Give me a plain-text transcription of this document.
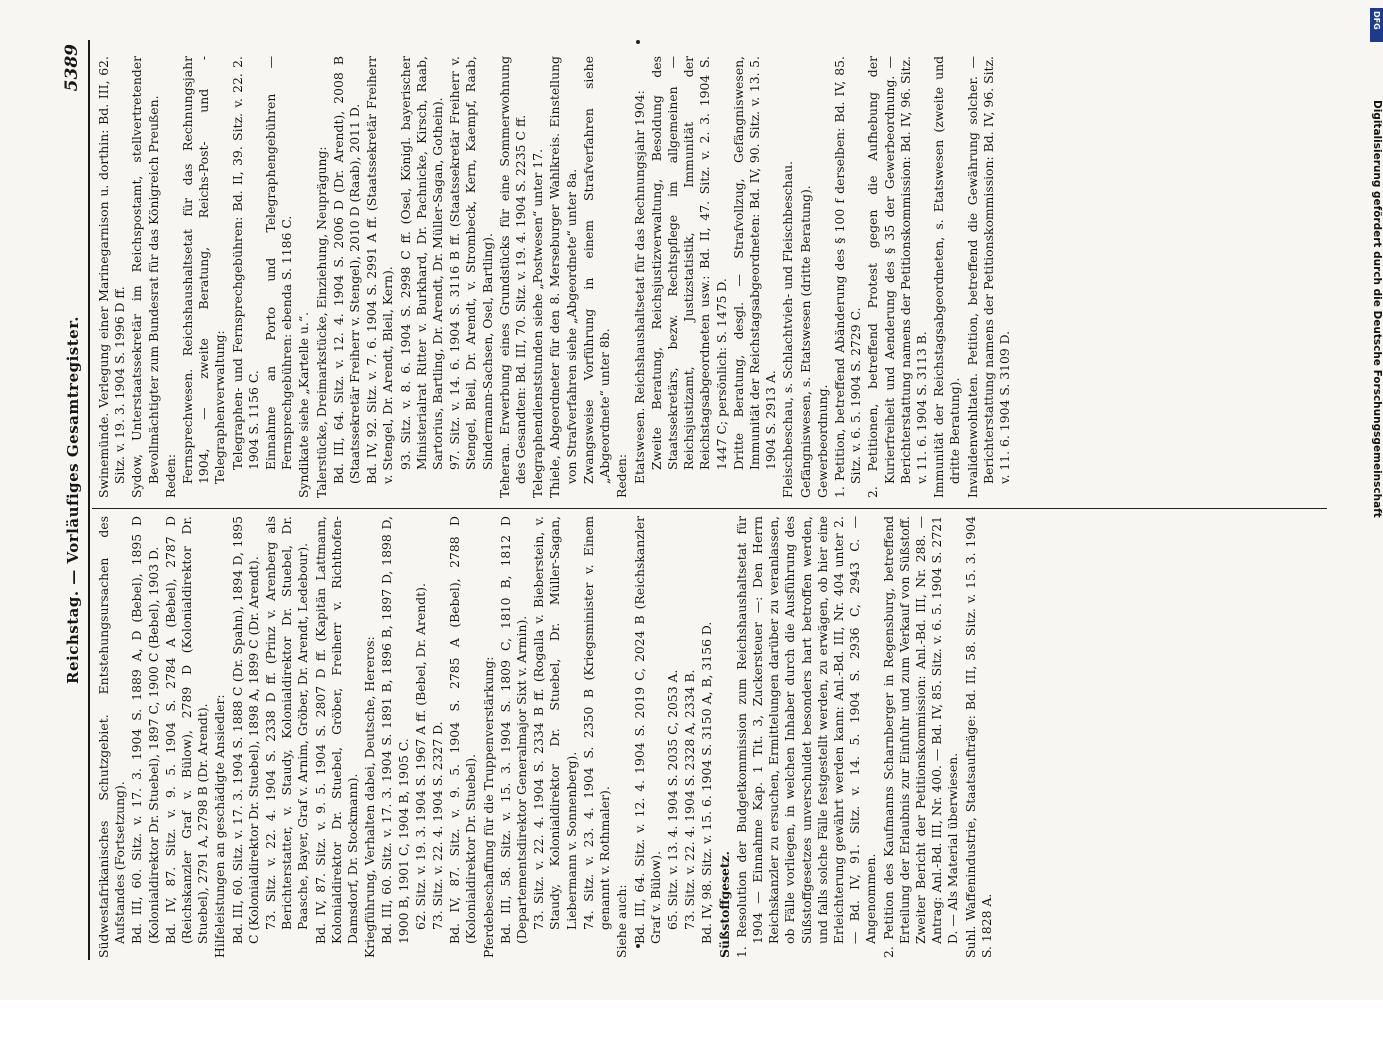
Reichstag. — Vorläufiges Gesamtregister.
5389

Südwestafrikanisches Schutzgebiet. Entstehungsursachen des Aufstandes (Fortsetzung). Bd. III, 60. Sitz. v. 17. 3. 1904 S. 1889 A, D (Bebel), 1895 D (Kolonialdirektor Dr. Stuebel), 1897 C, 1900 C (Bebel), 1903 D. Bd. IV, 87. Sitz. v. 9. 5. 1904 S. 2784 A (Bebel), 2787 D (Reichskanzler Graf v. Bülow), 2789 D (Kolonialdirektor Dr. Stuebel), 2791 A, 2798 B (Dr. Arendt). Hilfeleistungen an geschädigte Ansiedler: Bd. III, 60. Sitz. v. 17. 3. 1904 S. 1888 C (Dr. Spahn), 1894 D, 1895 C (Kolonialdirektor Dr. Stuebel), 1898 A, 1899 C (Dr. Arendt). 73. Sitz. v. 22. 4. 1904 S. 2338 D ff. (Prinz v. Arenberg als Berichterstatter, v. Staudy, Kolonialdirektor Dr. Stuebel, Dr. Paasche, Bayer, Graf v. Arnim, Gröber, Dr. Arendt, Ledebour). Bd. IV, 87. Sitz. v. 9. 5. 1904 S. 2807 D ff. (Kapitän Lattmann, Kolonialdirektor Dr. Stuebel, Gröber, Freiherr v. Richthofen-Damsdorf, Dr. Stockmann). Kriegführung, Verhalten dabei, Deutsche, Hereros: Bd. III, 60. Sitz. v. 17. 3. 1904 S. 1891 B, 1896 B, 1897 D, 1898 D, 1900 B, 1901 C, 1904 B, 1905 C. 62. Sitz. v. 19. 3. 1904 S. 1967 A ff. (Bebel, Dr. Arendt). 73. Sitz. v. 22. 4. 1904 S. 2327 D. Bd. IV, 87. Sitz. v. 9. 5. 1904 S. 2785 A (Bebel), 2788 D (Kolonialdirektor Dr. Stuebel). Pferdebeschaffung für die Truppenverstärkung: Bd. III, 58. Sitz. v. 15. 3. 1904 S. 1809 C, 1810 B, 1812 D (Departementsdirektor Generalmajor Sixt v. Armin). 73. Sitz. v. 22. 4. 1904 S. 2334 B ff. (Rogalla v. Bieberstein, v. Staudy, Kolonialdirektor Dr. Stuebel, Dr. Müller-Sagan, Liebermann v. Sonnenberg). 74. Sitz. v. 23. 4. 1904 S. 2350 B (Kriegsminister v. Einem genannt v. Rothmaler). Siehe auch: Bd. III, 64. Sitz. v. 12. 4. 1904 S. 2019 C, 2024 B (Reichskanzler Graf v. Bülow). 65. Sitz. v. 13. 4. 1904 S. 2035 C, 2053 A. 73. Sitz. v. 22. 4. 1904 S. 2328 A, 2334 B. Bd. IV, 98. Sitz. v. 15. 6. 1904 S. 3150 A, B, 3156 D. Süßstoffgesetz. 1. Resolution der Budgetkommission zum Reichshaushaltsetat für 1904 — Einnahme Kap. 1 Tit. 3, Zuckersteuer —: Den Herrn Reichskanzler zu ersuchen, Ermittelungen darüber zu veranlassen, ob Fälle vorliegen, in welchen Inhaber durch die Ausführung des Süßstoffgesetzes unverschuldet besonders hart betroffen werden, und falls solche Fälle festgestellt werden, zu erwägen, ob hier eine Erleichterung gewährt werden kann: Anl.-Bd. III, Nr. 404 unter 2. — Bd. IV, 91. Sitz. v. 14. 5. 1904 S. 2936 C, 2943 C. — Angenommen. 2. Petition des Kaufmanns Scharnberger in Regensburg, betreffend Erteilung der Erlaubnis zur Einfuhr und zum Verkauf von Süßstoff. Zweiter Bericht der Petitionskommission: Anl.-Bd. III, Nr. 288. — Antrag: Anl.-Bd. III, Nr. 400. — Bd. IV, 85. Sitz. v. 6. 5. 1904 S. 2721 D. — Als Material überwiesen. Suhl. Waffenindustrie, Staatsaufträge: Bd. III, 58. Sitz. v. 15. 3. 1904 S. 1828 A.

Swinemünde. Verlegung einer Marinegarnison u. dorthin: Bd. III, 62. Sitz. v. 19. 3. 1904 S. 1996 D ff. Sydow, Unterstaatssekretär im Reichspostamt, stellvertretender Bevollmächtigter zum Bundesrat für das Königreich Preußen. Reden: Fernsprechwesen. Reichshaushaltsetat für das Rechnungsjahr 1904, — zweite Beratung, Reichs-Post- und -Telegraphenverwaltung: Telegraphen- und Fernsprechgebühren: Bd. II, 39. Sitz. v. 22. 2. 1904 S. 1156 C. Einnahme an Porto und Telegraphengebühren — Fernsprechgebühren: ebenda S. 1186 C. Syndikate siehe „Kartelle u.“. Talerstücke, Dreimarkstücke, Einziehung, Neuprägung: Bd. III, 64. Sitz. v. 12. 4. 1904 S. 2006 D (Dr. Arendt), 2008 B (Staatssekretär Freiherr v. Stengel), 2010 D (Raab), 2011 D. Bd. IV, 92. Sitz. v. 7. 6. 1904 S. 2991 A ff. (Staatssekretär Freiherr v. Stengel, Dr. Arendt, Bleil, Kern). 93. Sitz. v. 8. 6. 1904 S. 2998 C ff. (Osel, Königl. bayerischer Ministerialrat Ritter v. Burkhard, Dr. Pachnicke, Kirsch, Raab, Sartorius, Bartling, Dr. Arendt, Dr. Müller-Sagan, Gothein). 97. Sitz. v. 14. 6. 1904 S. 3116 B ff. (Staatssekretär Freiherr v. Stengel, Bleil, Dr. Arendt, v. Strombeck, Kern, Kaempf, Raab, Sindermann-Sachsen, Osel, Bartling). Teheran. Erwerbung eines Grundstücks für eine Sommerwohnung des Gesandten: Bd. III, 70. Sitz. v. 19. 4. 1904 S. 2235 C ff. Telegraphendienststunden siehe „Postwesen“ unter 17. Thiele, Abgeordneter für den 8. Merseburger Wahlkreis. Einstellung von Strafverfahren siehe „Abgeordnete“ unter 8a. Zwangsweise Vorführung in einem Strafverfahren siehe „Abgeordnete“ unter 8b. Reden: Etatswesen. Reichshaushaltsetat für das Rechnungsjahr 1904: Zweite Beratung, Reichsjustizverwaltung, Besoldung des Staatssekretärs, bezw. Rechtspflege im allgemeinen — Reichsjustizamt, Justizstatistik, Immunität der Reichstagsabgeordneten usw.: Bd. II, 47. Sitz. v. 2. 3. 1904 S. 1447 C; persönlich: S. 1475 D. Dritte Beratung, desgl. — Strafvollzug, Gefängniswesen, Immunität der Reichstagsabgeordneten: Bd. IV, 90. Sitz. v. 13. 5. 1904 S. 2913 A. Fleischbeschau, s. Schlachtvieh- und Fleischbeschau. Gefängniswesen, s. Etatswesen (dritte Beratung). Gewerbeordnung. 1. Petition, betreffend Abänderung des § 100 f derselben: Bd. IV, 85. Sitz. v. 6. 5. 1904 S. 2729 C. 2. Petitionen, betreffend Protest gegen die Aufhebung der Kurierfreiheit und Aenderung des § 35 der Gewerbeordnung. — Berichterstattung namens der Petitionskommission: Bd. IV, 96. Sitz. v. 11. 6. 1904 S. 3113 B. Immunität der Reichstagsabgeordneten, s. Etatswesen (zweite und dritte Beratung). Invalidenwohltaten. Petition, betreffend die Gewährung solcher. — Berichterstattung namens der Petitionskommission: Bd. IV, 96. Sitz. v. 11. 6. 1904 S. 3109 D.

DFG
Digitalisierung gefördert durch die Deutsche Forschungsgemeinschaft
